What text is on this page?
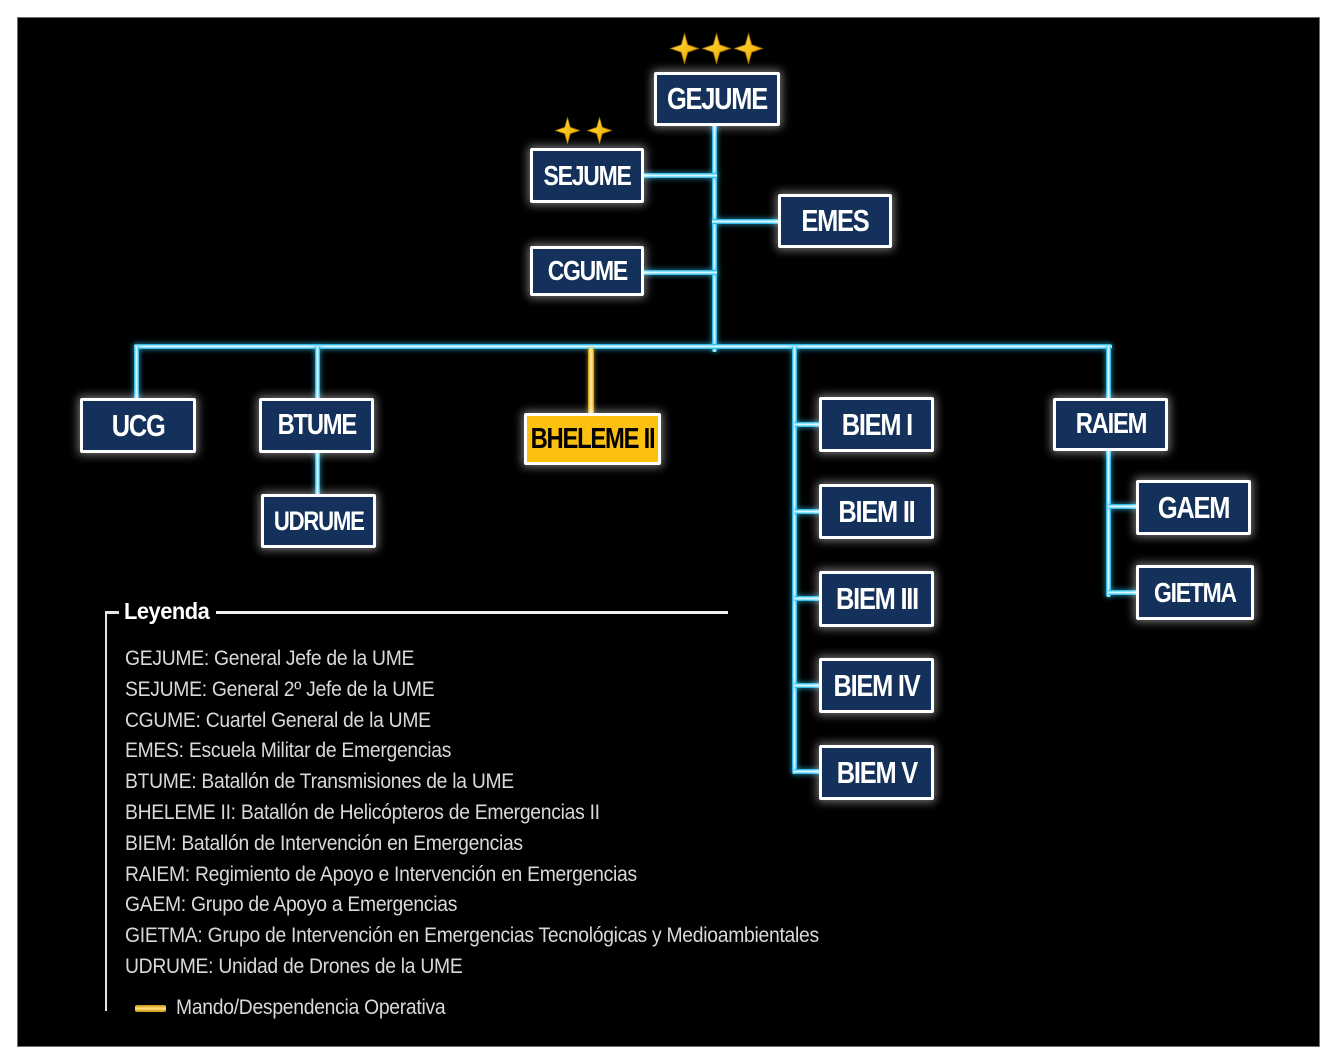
GEJUME
SEJUME
CGUME
EMES
UCG	BTUME
UDRUME
BHELEME II	BIEM I
BIEM II
BIEM III
BIEM IV
BIEM V
RAIEM
GAEM
GIETMA
Leyenda
GEJUME: General Jefe de la UME
SEJUME: General 2º Jefe de la UME
CGUME: Cuartel General de la UME
EMES: Escuela Militar de Emergencias
BTUME: Batallón de Transmisiones de la UME
BHELEME II: Batallón de Helicópteros de Emergencias II
BIEM: Batallón de Intervención en Emergencias
RAIEM: Regimiento de Apoyo e Intervención en Emergencias
GAEM: Grupo de Apoyo a Emergencias
GIETMA: Grupo de Intervención en Emergencias Tecnológicas y Medioambientales
UDRUME: Unidad de Drones de la UME
Mando/Despendencia Operativa
